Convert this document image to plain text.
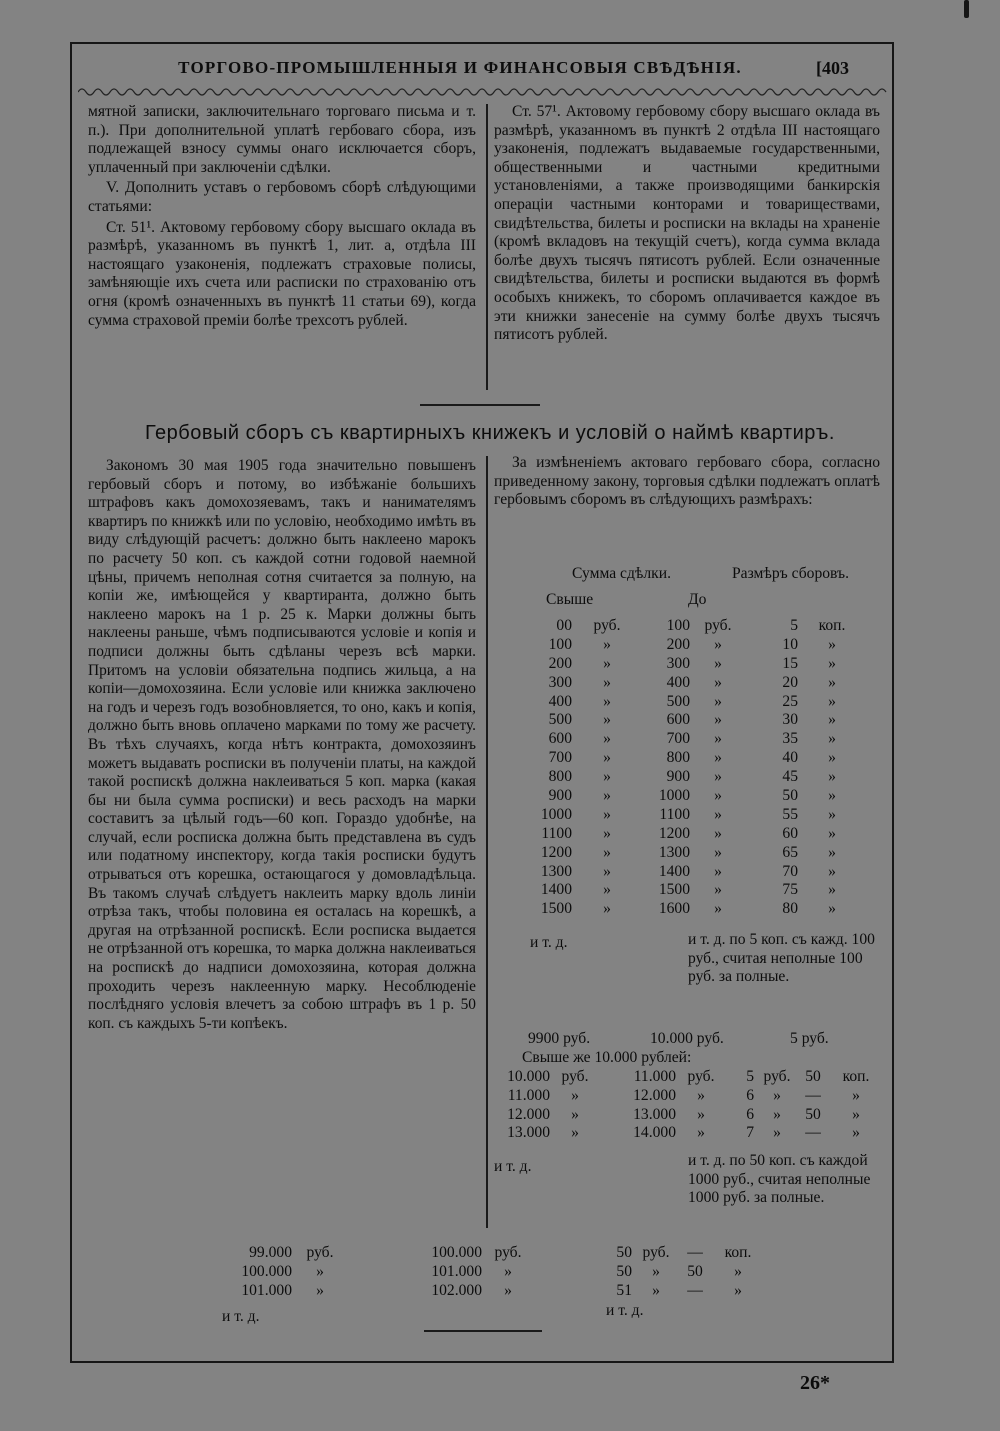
ТОРГОВО-ПРОМЫШЛЕННЫЯ И ФИНАНСОВЫЯ СВѢДѢНІЯ.	[403

мятной записки, заключительнаго торговаго письма и т. п.). При дополнительной уплатѣ гербоваго сбора, изъ подлежащей взносу суммы онаго исключается сборъ, уплаченный при заключеніи сдѣлки.

V. Дополнить уставъ о гербовомъ сборѣ слѣдующими статьями:

Ст. 51¹. Актовому гербовому сбору высшаго оклада въ размѣрѣ, указанномъ въ пунктѣ 1, лит. а, отдѣла III настоящаго узаконенія, подлежатъ страховые полисы, замѣняющіе ихъ счета или расписки по страхованію отъ огня (кромѣ означенныхъ въ пунктѣ 11 статьи 69), когда сумма страховой преміи болѣе трехсотъ рублей.

Ст. 57¹. Актовому гербовому сбору высшаго оклада въ размѣрѣ, указанномъ въ пунктѣ 2 отдѣла III настоящаго узаконенія, подлежатъ выдаваемые государственными, общественными и частными кредитными установленіями, а также производящими банкирскія операціи частными конторами и товариществами, свидѣтельства, билеты и росписки на вклады на храненіе (кромѣ вкладовъ на текущій счетъ), когда сумма вклада болѣе двухъ тысячъ пятисотъ рублей. Если означенные свидѣтельства, билеты и росписки выдаются въ формѣ особыхъ книжекъ, то сборомъ оплачивается каждое въ эти книжки занесеніе на сумму болѣе двухъ тысячъ пятисотъ рублей.

Гербовый сборъ съ квартирныхъ книжекъ и условій о наймѣ квартиръ.

Закономъ 30 мая 1905 года значительно повышенъ гербовый сборъ и потому, во избѣжаніе большихъ штрафовъ какъ домохозяевамъ, такъ и нанимателямъ квартиръ по книжкѣ или по условію, необходимо имѣть въ виду слѣдующій расчетъ: должно быть наклеено марокъ по расчету 50 коп. съ каждой сотни годовой наемной цѣны, причемъ неполная сотня считается за полную, на копіи же, имѣющейся у квартиранта, должно быть наклеено марокъ на 1 р. 25 к. Марки должны быть наклеены раньше, чѣмъ подписываются условіе и копія и подписи должны быть сдѣланы черезъ всѣ марки. Притомъ на условіи обязательна подпись жильца, а на копіи—домохозяина. Если условіе или книжка заключено на годъ и черезъ годъ возобновляется, то оно, какъ и копія, должно быть вновь оплачено марками по тому же расчету. Въ тѣхъ случаяхъ, когда нѣтъ контракта, домохозяинъ можетъ выдавать росписки въ полученіи платы, на каждой такой роспискѣ должна наклеиваться 5 коп. марка (какая бы ни была сумма росписки) и весь расходъ на марки составитъ за цѣлый годъ—60 коп. Гораздо удобнѣе, на случай, если росписка должна быть представлена въ судъ или податному инспектору, когда такія росписки будутъ отрываться отъ корешка, остающагося у домовладѣльца. Въ такомъ случаѣ слѣдуетъ наклеить марку вдоль линіи отрѣза такъ, чтобы половина ея осталась на корешкѣ, а другая на отрѣзанной роспискѣ. Если росписка выдается не отрѣзанной отъ корешка, то марка должна наклеиваться на роспискѣ до надписи домохозяина, которая должна проходить черезъ наклеенную марку. Несоблюденіе послѣдняго условія влечетъ за собою штрафъ въ 1 р. 50 коп. съ каждыхъ 5-ти копѣекъ.

За измѣненіемъ актоваго гербоваго сбора, согласно приведенному закону, торговыя сдѣлки подлежатъ оплатѣ гербовымъ сборомъ въ слѣдующихъ размѣрахъ:

Сумма сдѣлки.	Размѣръ сборовъ.
Свыше	До
00 руб.	100 руб.	5	коп.
100	»	200	»	10	»
200	»	300	»	15	»
300	»	400	»	20	»
400	»	500	»	25	»
500	»	600	»	30	»
600	»	700	»	35	»
700	»	800	»	40	»
800	»	900	»	45	»
900	»	1000	»	50	»
1000	»	1100	»	55	»
1100	»	1200	»	60	»
1200	»	1300	»	65	»
1300	»	1400	»	70	»
1400	»	1500	»	75	»
1500	»	1600	»	80	»
и т. д.	и т. д. по 5 коп. съ кажд. 100 руб., считая неполные 100 руб. за полные.
9900 руб.	10.000 руб.	5 руб.
Свыше же 10.000 рублей:
10.000 руб.	11.000 руб.	5 руб. 50	коп.
11.000	»	12.000	»	6	»	—	»
12.000	»	13.000	»	6	»	50	»
13.000	»	14.000	»	7	»	—	»
и т. д.	и т. д. по 50 коп. съ каждой 1000 руб., считая неполные 1000 руб. за полные.
99.000 руб.	100.000 руб.	50 руб.	—	коп.
100.000	»	101.000	»	50	»	50	»
101.000	»	102.000	»	51	»	—	»
и т. д.	и т. д.
26*
